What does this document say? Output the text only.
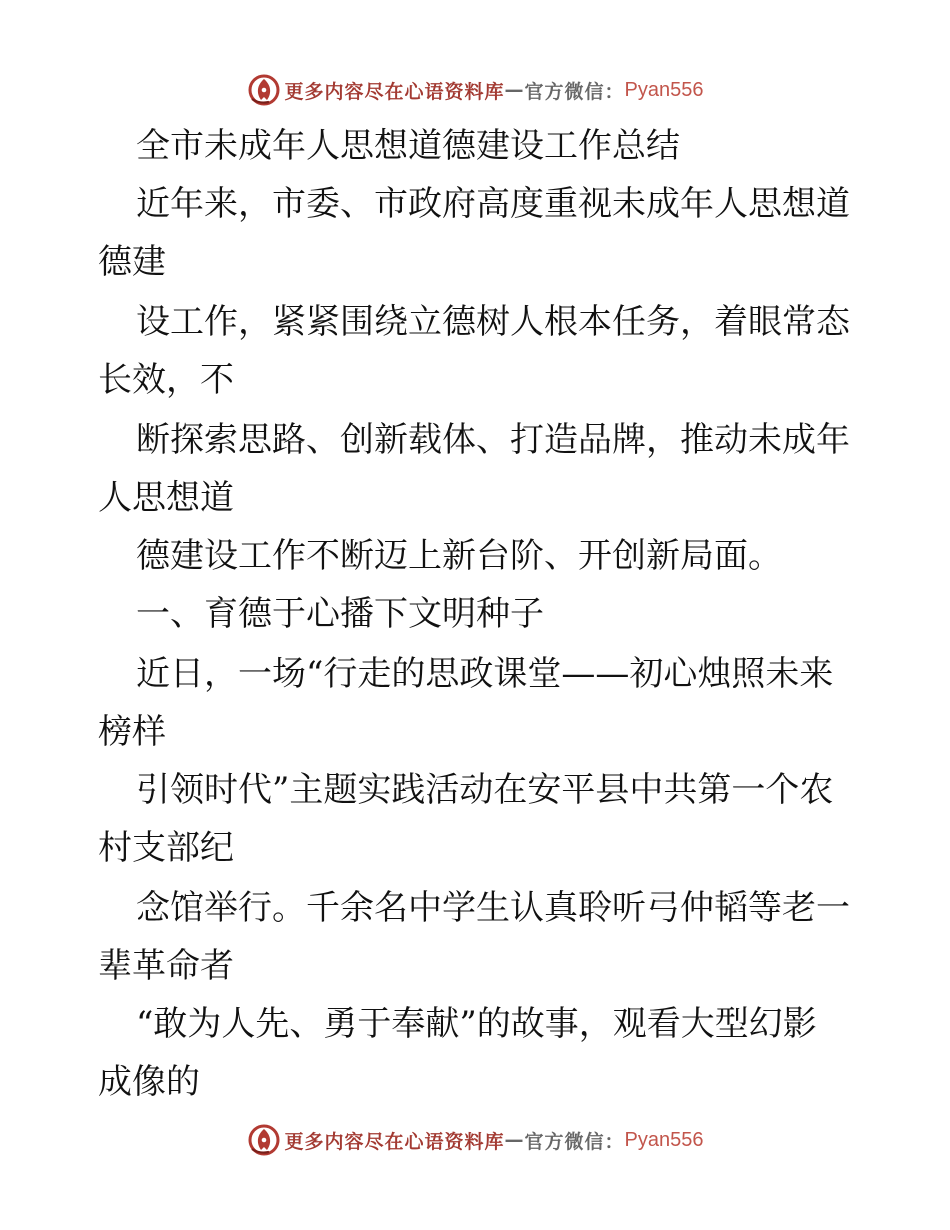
更多内容尽在心语资料库 — 官方微信： Pyan556
全市未成年人思想道德建设工作总结
近年来，市委、市政府高度重视未成年人思想道
德建
设工作，紧紧围绕立德树人根本任务，着眼常态
长效，不
断探索思路、创新载体、打造品牌，推动未成年
人思想道
德建设工作不断迈上新台阶、开创新局面。
一、育德于心播下文明种子
近日，一场“行走的思政课堂——初心烛照未来
榜样
引领时代”主题实践活动在安平县中共第一个农
村支部纪
念馆举行。千余名中学生认真聆听弓仲韬等老一
辈革命者
“敢为人先、勇于奉献”的故事，观看大型幻影
成像的
更多内容尽在心语资料库 — 官方微信： Pyan556
